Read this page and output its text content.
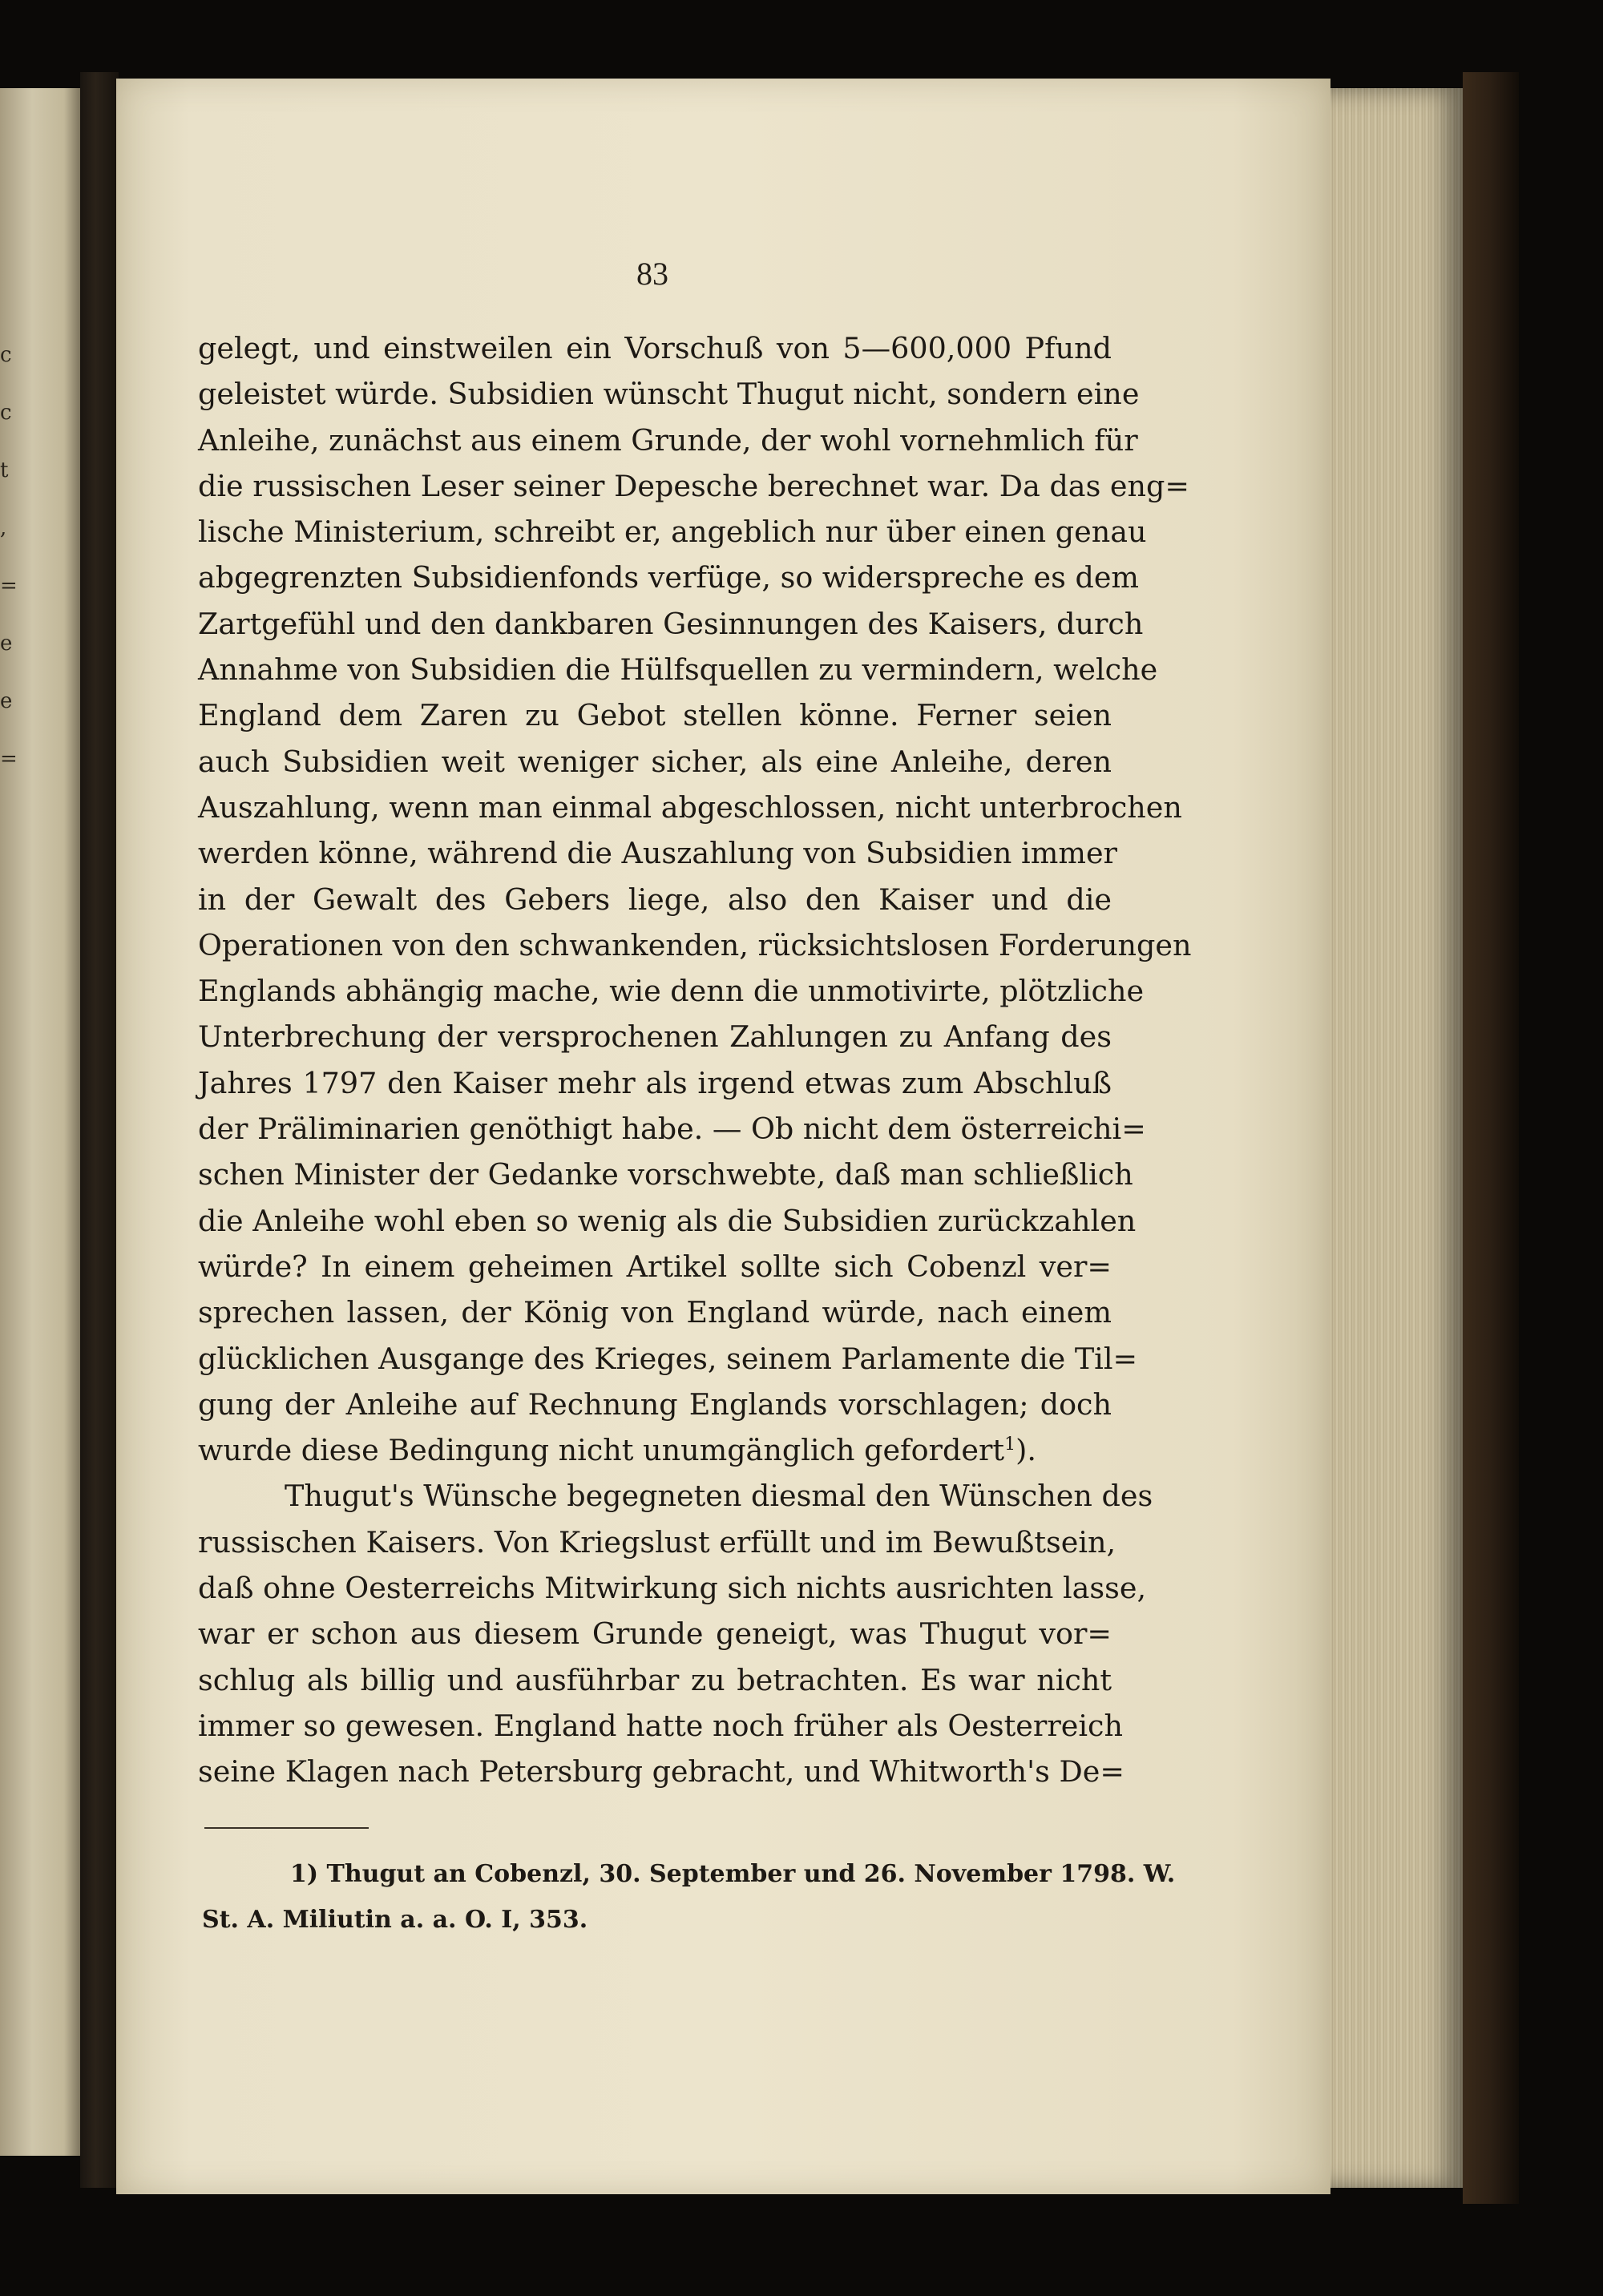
c
c
t
,
=
e
e
=
83
gelegt, und einstweilen ein Vorschuß von 5—600,000 Pfund
geleistet würde. Subsidien wünscht Thugut nicht, sondern eine
Anleihe, zunächst aus einem Grunde, der wohl vornehmlich für
die russischen Leser seiner Depesche berechnet war. Da das eng=
lische Ministerium, schreibt er, angeblich nur über einen genau
abgegrenzten Subsidienfonds verfüge, so widerspreche es dem
Zartgefühl und den dankbaren Gesinnungen des Kaisers, durch
Annahme von Subsidien die Hülfsquellen zu vermindern, welche
England dem Zaren zu Gebot stellen könne. Ferner seien
auch Subsidien weit weniger sicher, als eine Anleihe, deren
Auszahlung, wenn man einmal abgeschlossen, nicht unterbrochen
werden könne, während die Auszahlung von Subsidien immer
in der Gewalt des Gebers liege, also den Kaiser und die
Operationen von den schwankenden, rücksichtslosen Forderungen
Englands abhängig mache, wie denn die unmotivirte, plötzliche
Unterbrechung der versprochenen Zahlungen zu Anfang des
Jahres 1797 den Kaiser mehr als irgend etwas zum Abschluß
der Präliminarien genöthigt habe. — Ob nicht dem österreichi=
schen Minister der Gedanke vorschwebte, daß man schließlich
die Anleihe wohl eben so wenig als die Subsidien zurückzahlen
würde? In einem geheimen Artikel sollte sich Cobenzl ver=
sprechen lassen, der König von England würde, nach einem
glücklichen Ausgange des Krieges, seinem Parlamente die Til=
gung der Anleihe auf Rechnung Englands vorschlagen; doch
wurde diese Bedingung nicht unumgänglich gefordert$^1$).
Thugut's Wünsche begegneten diesmal den Wünschen des
russischen Kaisers. Von Kriegslust erfüllt und im Bewußtsein,
daß ohne Oesterreichs Mitwirkung sich nichts ausrichten lasse,
war er schon aus diesem Grunde geneigt, was Thugut vor=
schlug als billig und ausführbar zu betrachten. Es war nicht
immer so gewesen. England hatte noch früher als Oesterreich
seine Klagen nach Petersburg gebracht, und Whitworth's De=
1) Thugut an Cobenzl, 30. September und 26. November 1798. W.
St. A. Miliutin a. a. O. I, 353.
